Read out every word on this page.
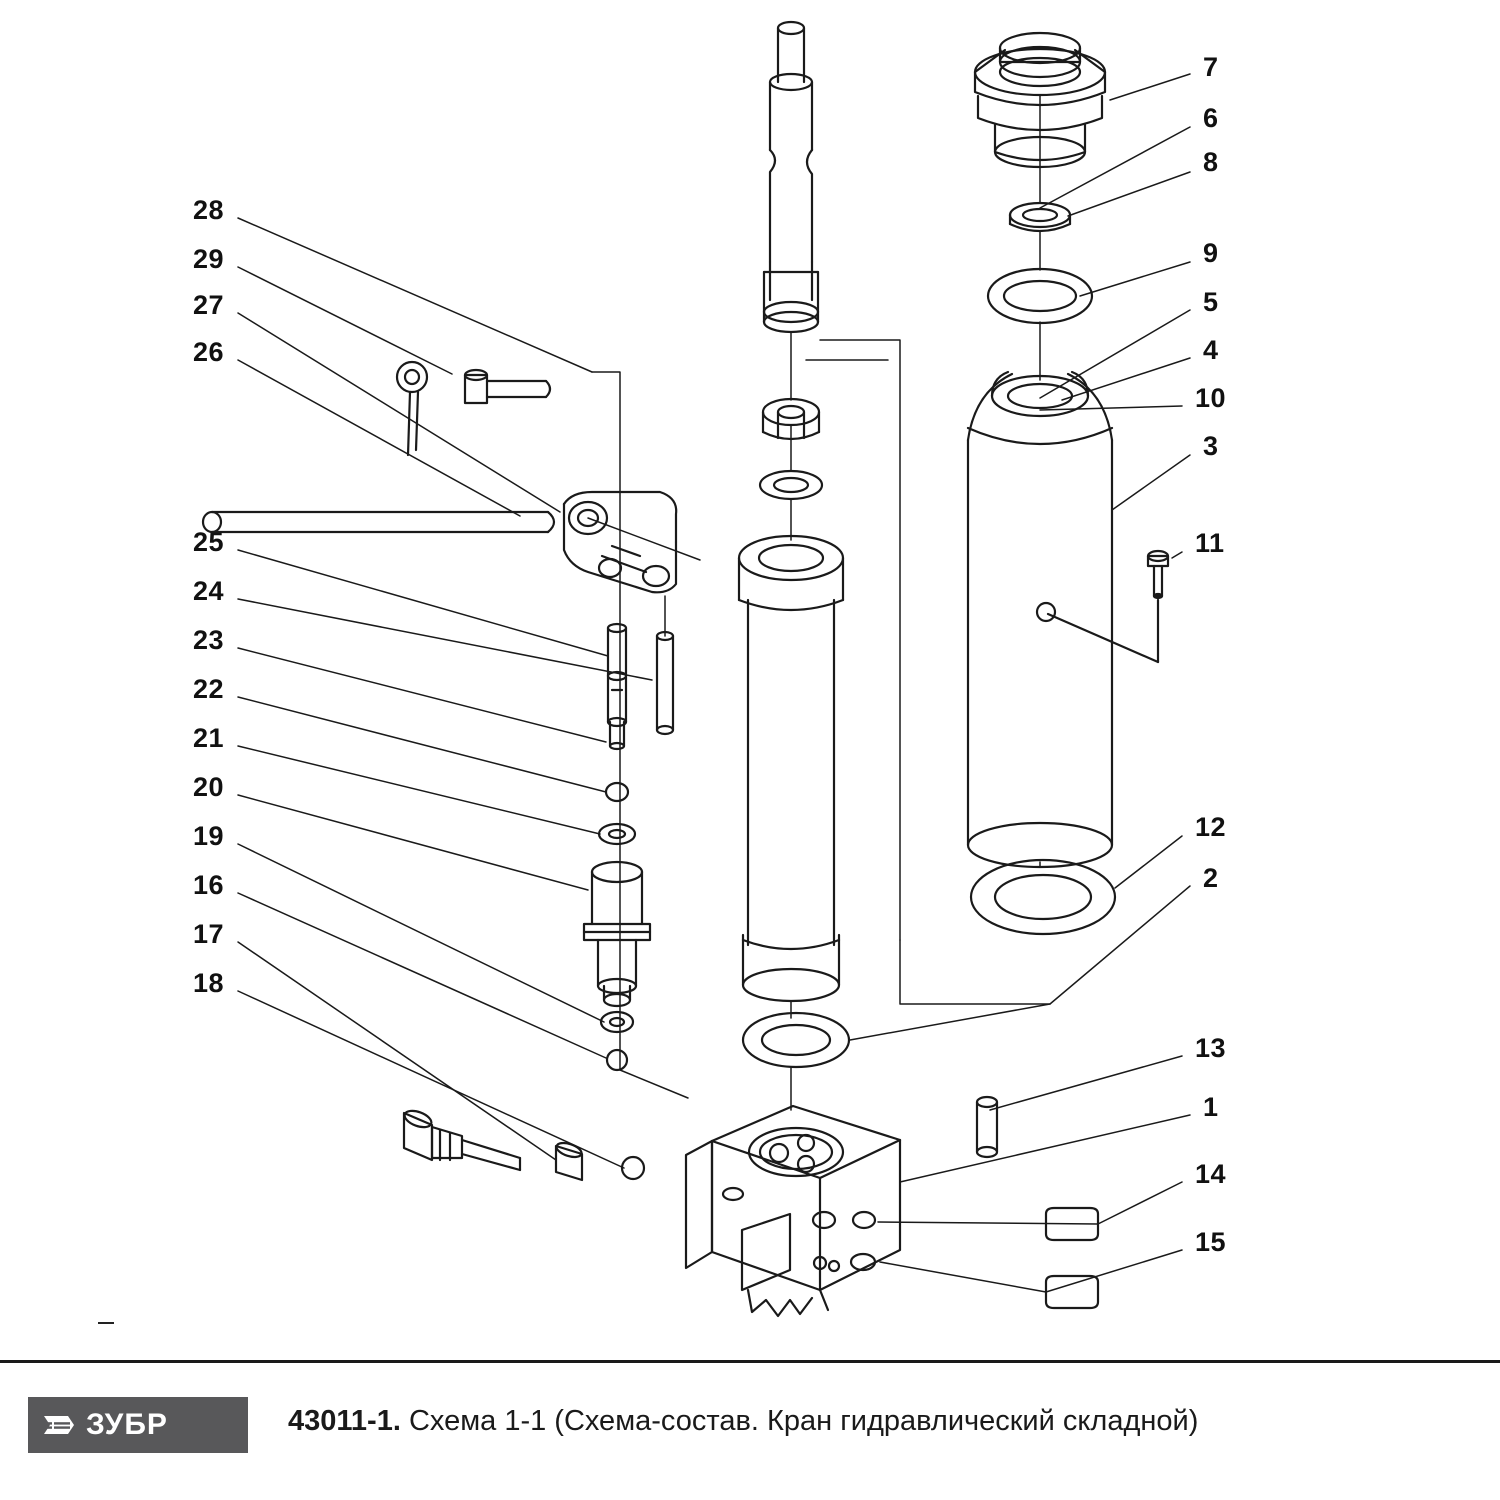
7
6
8
9
5
4
10
3
11
12
2
13
1
14
15
28
29
27
26
25
24
23
22
21
20
19
16
17
18
ЗУБР	43011-1. Схема 1-1 (Схема-состав. Кран гидравлический складной)
